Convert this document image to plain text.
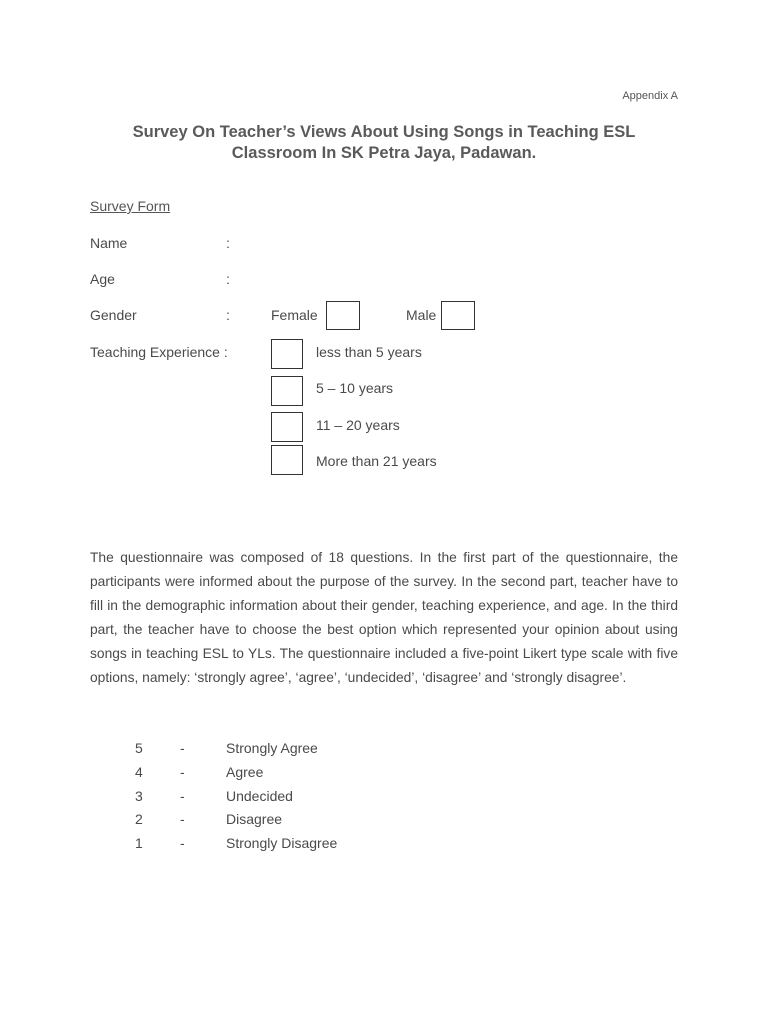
Appendix A
Survey On Teacher’s Views About Using Songs in Teaching ESL
Classroom In SK Petra Jaya, Padawan.
Survey Form
Name	:
Age	:
Gender	:	Female	Male
Teaching Experience :	less than 5 years
5 – 10 years
11 – 20 years
More than 21 years
The questionnaire was composed of 18 questions. In the first part of the questionnaire, the participants were informed about the purpose of the survey. In the second part, teacher have to fill in the demographic information about their gender, teaching experience, and age. In the third part, the teacher have to choose the best option which represented your opinion about using songs in teaching ESL to YLs. The questionnaire included a five-point Likert type scale with five options, namely: ‘strongly agree’, ‘agree’, ‘undecided’, ‘disagree’ and ‘strongly disagree’.
5	-	Strongly Agree
4	-	Agree
3	-	Undecided
2	-	Disagree
1	-	Strongly Disagree
